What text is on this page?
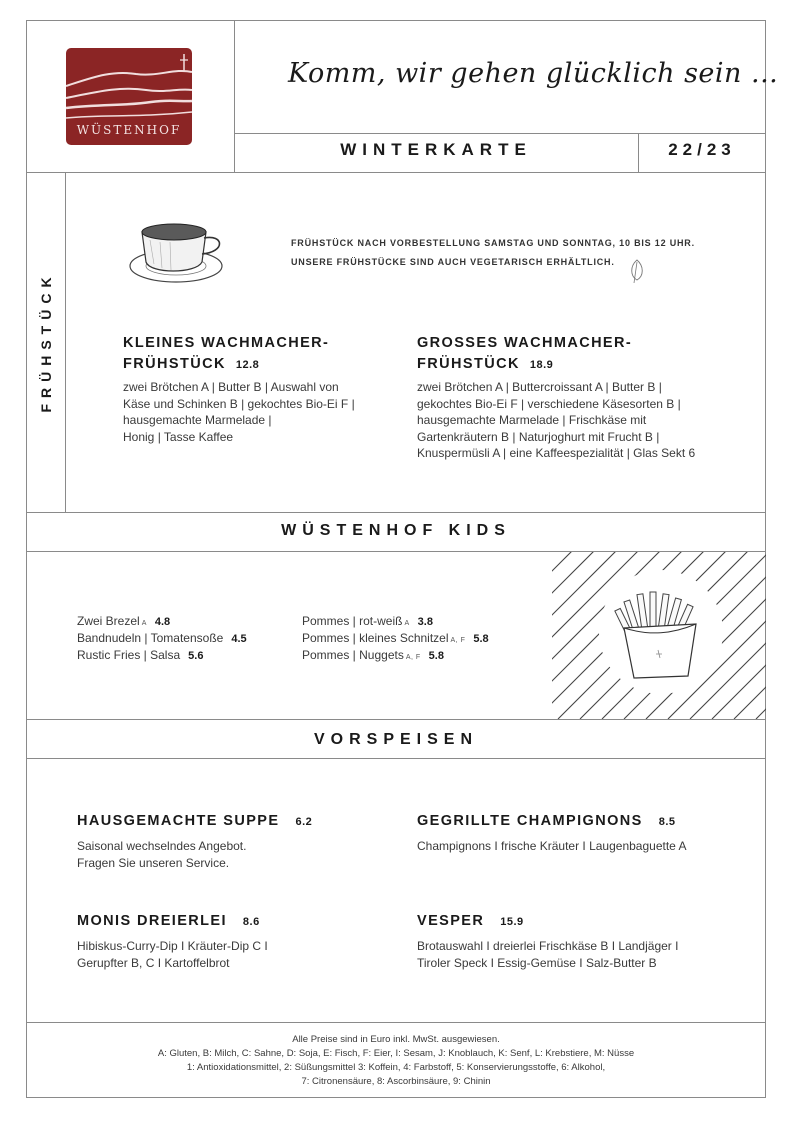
WÜSTENHOF
Komm, wir gehen glücklich sein ...
WINTERKARTE	22/23
FRÜHSTÜCK
FRÜHSTÜCK NACH VORBESTELLUNG SAMSTAG UND SONNTAG, 10 BIS 12 UHR.
UNSERE FRÜHSTÜCKE SIND AUCH VEGETARISCH ERHÄLTLICH.
KLEINES WACHMACHER-
FRÜHSTÜCK 12.8
zwei Brötchen A | Butter B | Auswahl von
Käse und Schinken B | gekochtes Bio-Ei F |
hausgemachte Marmelade |
Honig | Tasse Kaffee
GROSSES WACHMACHER-
FRÜHSTÜCK 18.9
zwei Brötchen A | Buttercroissant A | Butter B |
gekochtes Bio-Ei F | verschiedene Käsesorten B |
hausgemachte Marmelade | Frischkäse mit
Gartenkräutern B | Naturjoghurt mit Frucht B |
Knuspermüsli A | eine Kaffeespezialität | Glas Sekt 6
WÜSTENHOF KIDS
Zwei Brezel A 4.8
Bandnudeln | Tomatensoße 4.5
Rustic Fries | Salsa 5.6
Pommes | rot-weiß A 3.8
Pommes | kleines Schnitzel A, F 5.8
Pommes | Nuggets A, F 5.8
VORSPEISEN
HAUSGEMACHTE SUPPE 6.2
Saisonal wechselndes Angebot.
Fragen Sie unseren Service.
GEGRILLTE CHAMPIGNONS 8.5
Champignons I frische Kräuter I Laugenbaguette A
MONIS DREIERLEI 8.6
Hibiskus-Curry-Dip I Kräuter-Dip C I
Gerupfter B, C I Kartoffelbrot
VESPER 15.9
Brotauswahl I dreierlei Frischkäse B I Landjäger I
Tiroler Speck I Essig-Gemüse I Salz-Butter B
Alle Preise sind in Euro inkl. MwSt. ausgewiesen.
A: Gluten, B: Milch, C: Sahne, D: Soja, E: Fisch, F: Eier, I: Sesam, J: Knoblauch, K: Senf, L: Krebstiere, M: Nüsse
1: Antioxidationsmittel, 2: Süßungsmittel 3: Koffein, 4: Farbstoff, 5: Konservierungsstoffe, 6: Alkohol,
7: Citronensäure, 8: Ascorbinsäure, 9: Chinin
